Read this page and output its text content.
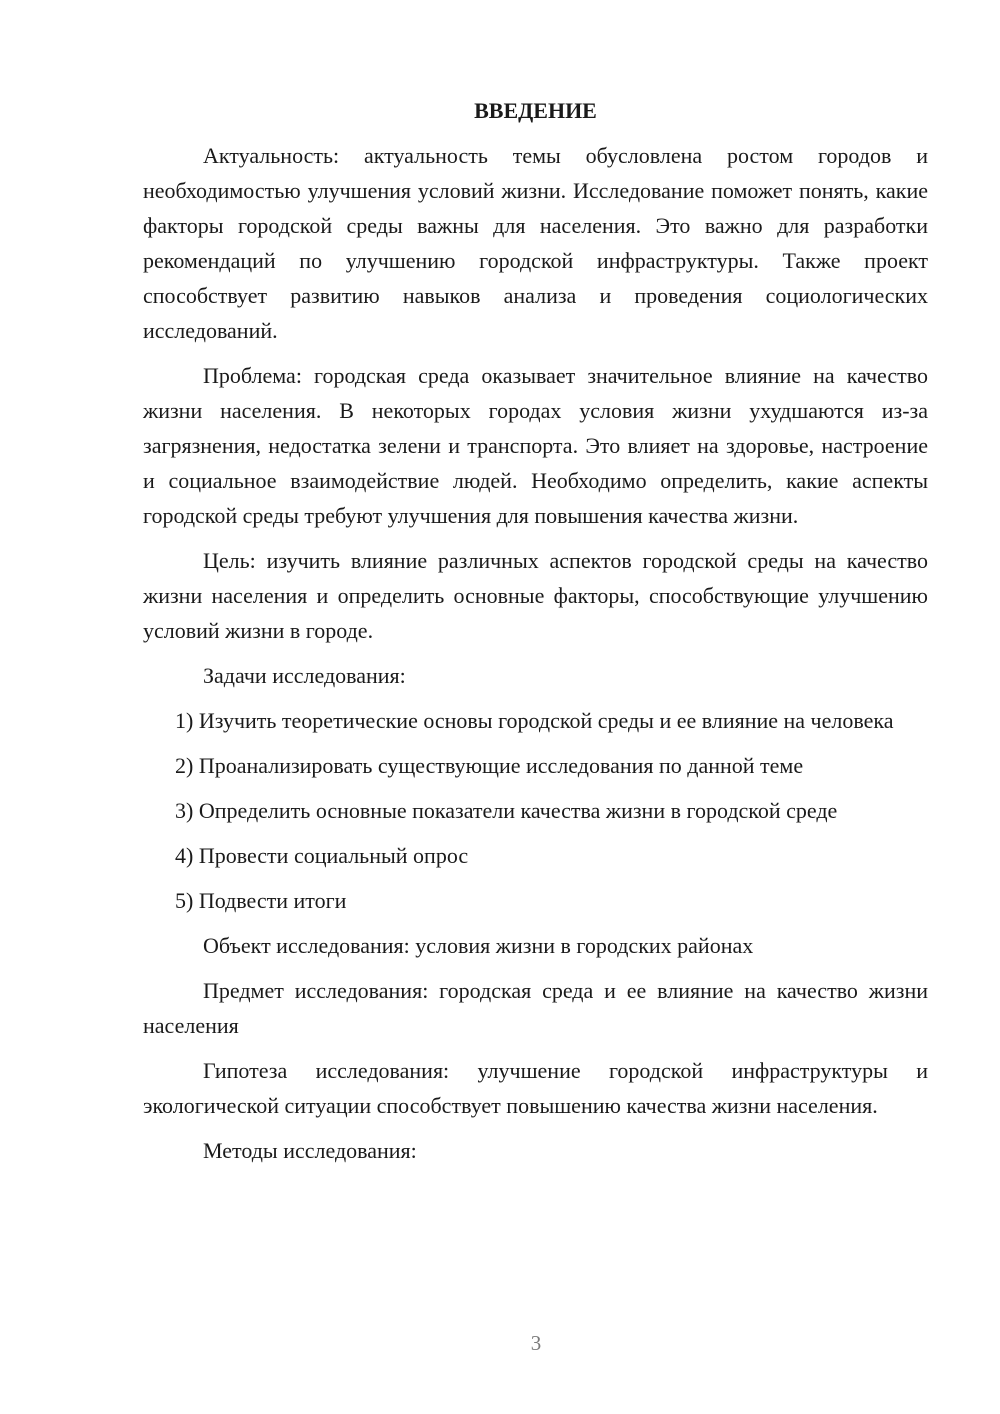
ВВЕДЕНИЕ

Актуальность: актуальность темы обусловлена ростом городов и необходимостью улучшения условий жизни. Исследование поможет понять, какие факторы городской среды важны для населения. Это важно для разработки рекомендаций по улучшению городской инфраструктуры. Также проект способствует развитию навыков анализа и проведения социологических исследований.

Проблема: городская среда оказывает значительное влияние на качество жизни населения. В некоторых городах условия жизни ухудшаются из-за загрязнения, недостатка зелени и транспорта. Это влияет на здоровье, настроение и социальное взаимодействие людей. Необходимо определить, какие аспекты городской среды требуют улучшения для повышения качества жизни.

Цель: изучить влияние различных аспектов городской среды на качество жизни населения и определить основные факторы, способствующие улучшению условий жизни в городе.

Задачи исследования:

1) Изучить теоретические основы городской среды и ее влияние на человека

2) Проанализировать существующие исследования по данной теме

3) Определить основные показатели качества жизни в городской среде

4) Провести социальный опрос

5) Подвести итоги

Объект исследования: условия жизни в городских районах

Предмет исследования: городская среда и ее влияние на качество жизни населения

Гипотеза исследования: улучшение городской инфраструктуры и экологической ситуации способствует повышению качества жизни населения.

Методы исследования:

3
